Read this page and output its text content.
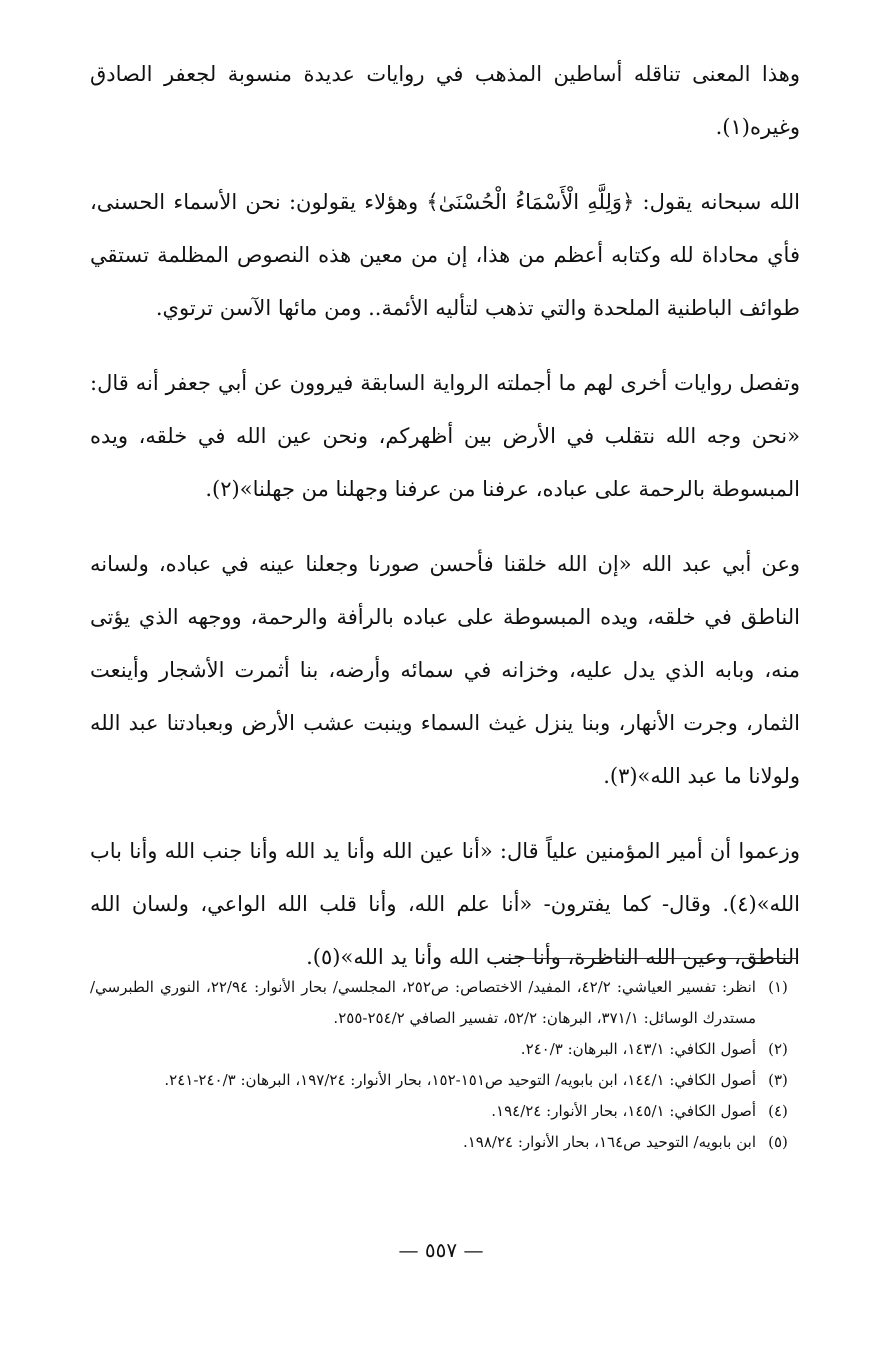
وهذا المعنى تناقله أساطين المذهب في روايات عديدة منسوبة لجعفر الصادق وغيره(١).

الله سبحانه يقول: ﴿وَلِلَّهِ الْأَسْمَاءُ الْحُسْنَىٰ﴾ وهؤلاء يقولون: نحن الأسماء الحسنى، فأي محاداة لله وكتابه أعظم من هذا، إن من معين هذه النصوص المظلمة تستقي طوائف الباطنية الملحدة والتي تذهب لتأليه الأئمة.. ومن مائها الآسن ترتوي.

وتفصل روايات أخرى لهم ما أجملته الرواية السابقة فيروون عن أبي جعفر أنه قال: «نحن وجه الله نتقلب في الأرض بين أظهركم، ونحن عين الله في خلقه، ويده المبسوطة بالرحمة على عباده، عرفنا من عرفنا وجهلنا من جهلنا»(٢).

وعن أبي عبد الله «إن الله خلقنا فأحسن صورنا وجعلنا عينه في عباده، ولسانه الناطق في خلقه، ويده المبسوطة على عباده بالرأفة والرحمة، ووجهه الذي يؤتى منه، وبابه الذي يدل عليه، وخزانه في سمائه وأرضه، بنا أثمرت الأشجار وأينعت الثمار، وجرت الأنهار، وبنا ينزل غيث السماء وينبت عشب الأرض وبعبادتنا عبد الله ولولانا ما عبد الله»(٣).

وزعموا أن أمير المؤمنين علياً قال: «أنا عين الله وأنا يد الله وأنا جنب الله وأنا باب الله»(٤). وقال- كما يفترون- «أنا علم الله، وأنا قلب الله الواعي، ولسان الله الناطق، وعين الله الناظرة، وأنا جنب الله وأنا يد الله»(٥).

(١)
انظر: تفسير العياشي: ٤٢/٢، المفيد/ الاختصاص: ص٢٥٢، المجلسي/ بحار الأنوار: ٢٢/٩٤، النوري الطبرسي/ مستدرك الوسائل: ٣٧١/١، البرهان: ٥٢/٢، تفسير الصافي ٢٥٤/٢-٢٥٥.
(٢)
أصول الكافي: ١٤٣/١، البرهان: ٢٤٠/٣.
(٣)
أصول الكافي: ١٤٤/١، ابن بابويه/ التوحيد ص١٥١-١٥٢، بحار الأنوار: ١٩٧/٢٤، البرهان: ٢٤٠/٣-٢٤١.
(٤)
أصول الكافي: ١٤٥/١، بحار الأنوار: ١٩٤/٢٤.
(٥)
ابن بابويه/ التوحيد ص١٦٤، بحار الأنوار: ١٩٨/٢٤.
— ٥٥٧ —
